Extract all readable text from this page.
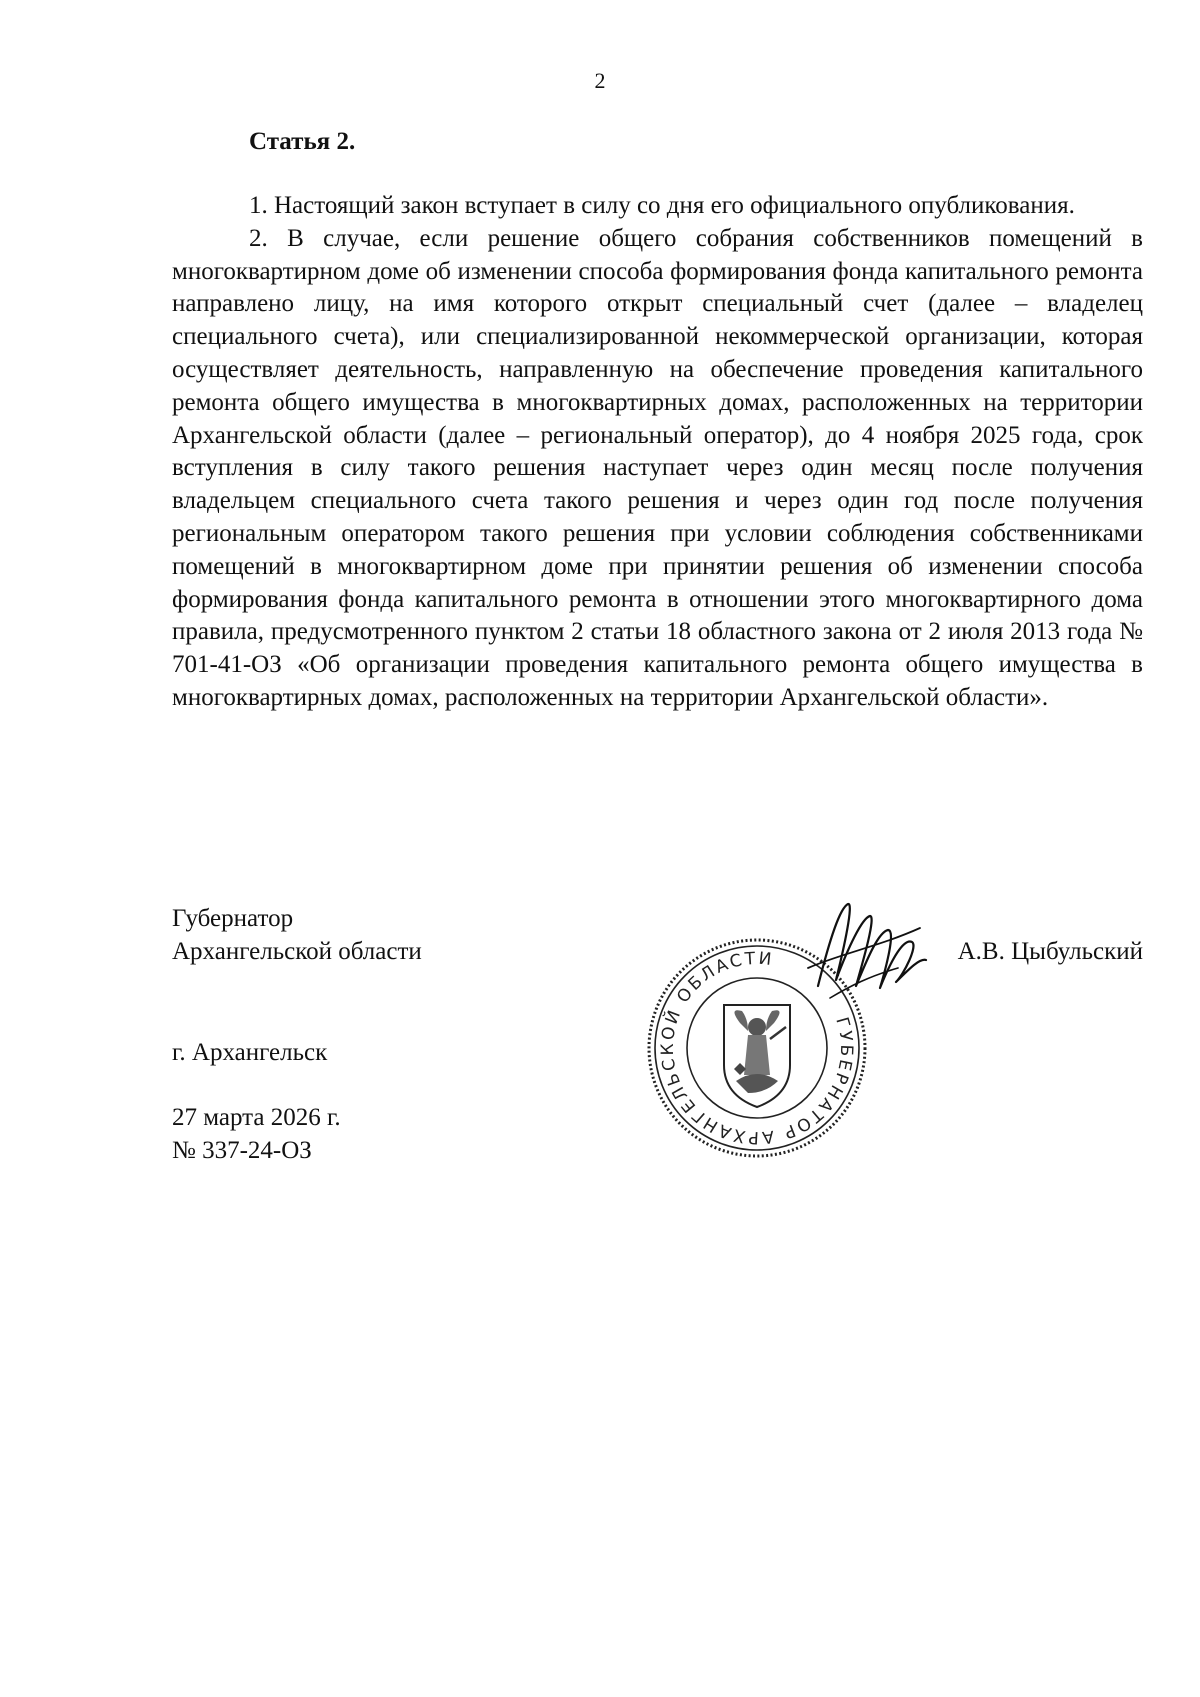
2
Статья 2.

1. Настоящий закон вступает в силу со дня его официального опубликования.

2. В случае, если решение общего собрания собственников помещений в многоквартирном доме об изменении способа формирования фонда капитального ремонта направлено лицу, на имя которого открыт специальный счет (далее – владелец специального счета), или специализированной некоммерческой организации, которая осуществляет деятельность, направленную на обеспечение проведения капитального ремонта общего имущества в многоквартирных домах, расположенных на территории Архангельской области (далее – региональный оператор), до 4 ноября 2025 года, срок вступления в силу такого решения наступает через один месяц после получения владельцем специального счета такого решения и через один год после получения региональным оператором такого решения при условии соблюдения собственниками помещений в многоквартирном доме при принятии решения об изменении способа формирования фонда капитального ремонта в отношении этого многоквартирного дома правила, предусмотренного пунктом 2 статьи 18 областного закона от 2 июля 2013 года № 701-41-ОЗ «Об организации проведения капитального ремонта общего имущества в многоквартирных домах, расположенных на территории Архангельской области».

Губернатор
Архангельской области
ГУБЕРНАТОР АРХАНГЕЛЬСКОЙ ОБЛАСТИ	А.В. Цыбульский
г. Архангельск
27 марта 2026 г.
№ 337-24-ОЗ
